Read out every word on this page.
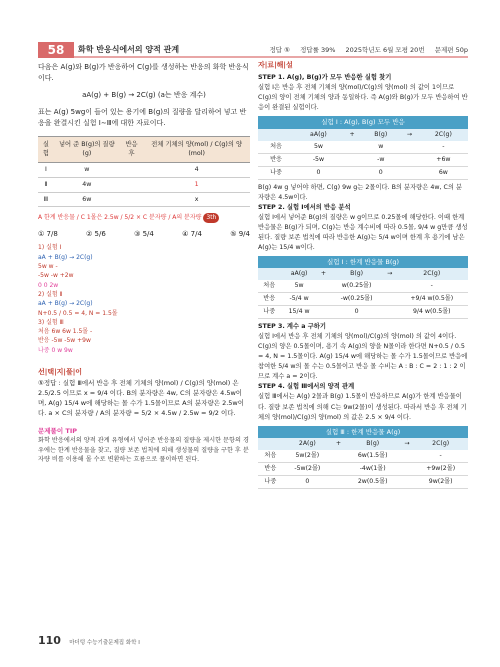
58	화학 반응식에서의 양적 관계	정답 ⑤ 정답률 39% 2025학년도 6월 모평 20번 문제편 50p

다음은 A(g)와 B(g)가 반응하여 C(g)를 생성하는 반응의 화학 반응식이다.

aA(g) + B(g) → 2C(g) (a는 반응 계수)

표는 A(g) 5wg이 들어 있는 용기에 B(g)의 질량을 달리하여 넣고 반응을 완결시킨 실험 Ⅰ∼Ⅲ에 대한 자료이다.

실험	넣어 준 B(g)의 질량(g)	반응 후	전체 기체의 양(mol) / C(g)의 양(mol)
Ⅰ	w		4
Ⅱ	4w		1
Ⅲ	6w		x
A 한계 반응물 / C 1몰은 2.5w / 5/2 × C 분자량 / A의 분자량 3th
① 7/8	② 5/6	③ 5/4	④ 7/4	⑤ 9/4
1) 실험 Ⅰ
aA + B(g) → 2C(g)
5w w -
-5w -w +2w
0 0 2w
2) 실험 Ⅱ
aA + B(g) → 2C(g)
N+0.5 / 0.5 = 4, N = 1.5몰
3) 실험 Ⅲ
처음 6w 6w 1.5몰 -
반응 -5w -5w +9w
나중 0 w 9w
선|택|지|풀|이

⑤정답 : 실험 Ⅲ에서 반응 후 전체 기체의 양(mol) / C(g)의 양(mol) 은 2.5/2.5 이므로 x = 9/4 이다. B의 분자량은 4w, C의 분자량은 4.5w이며, A(g) 15/4 w에 해당하는 몰 수가 1.5몰이므로 A의 분자량은 2.5w이다. a × C의 분자량 / A의 분자량 = 5/2 × 4.5w / 2.5w = 9/2 이다.

문제풀이 TIP

화학 반응에서의 양적 관계 유형에서 넣어준 반응물의 질량을 제시한 문항의 경우에는 한계 반응물을 찾고, 질량 보존 법칙에 의해 생성물의 질량을 구한 후 분자량 비를 이용해 몰 수로 변환하는 흐름으로 풀이하면 된다.

자|료|해|설
STEP 1. A(g), B(g)가 모두 반응한 실험 찾기

실험 Ⅰ은 반응 후 전체 기체의 양(mol)/C(g)의 양(mol) 의 값이 1이므로 C(g)의 양이 전체 기체의 양과 동일하다. 즉 A(g)와 B(g)가 모두 반응하여 반응이 완결된 실험이다.

실험 Ⅰ : A(g), B(g) 모두 반응
	aA(g)	+	B(g)	→	2C(g)
처음	5w		w		-
반응	-5w		-w		+6w
나중	0		0		6w

B(g) 4w g 넣어야 하면, C(g) 9w g는 2몰이다. B의 분자량은 4w, C의 분자량은 4.5w이다.

STEP 2. 실험 Ⅰ에서의 반응 분석

실험 Ⅰ에서 넣어준 B(g)의 질량은 w g이므로 0.25몰에 해당한다. 이때 한계 반응물은 B(g)가 되며, C(g)는 반응 계수비에 따라 0.5몰, 9/4 w g만큼 생성된다. 질량 보존 법칙에 따라 반응한 A(g)는 5/4 w이며 한계 후 용기에 남은 A(g)는 15/4 w이다.

실험 Ⅰ : 한계 반응물 B(g)
	aA(g)	+	B(g)	→	2C(g)
처음	5w		w(0.25몰)		-
반응	-5/4 w		-w(0.25몰)		+9/4 w(0.5몰)
나중	15/4 w		0		9/4 w(0.5몰)
STEP 3. 계수 a 구하기

실험 Ⅰ에서 반응 후 전체 기체의 양(mol)/C(g)의 양(mol) 의 값이 4이다. C(g)의 양은 0.5몰이며, 용기 속 A(g)의 양을 N몰이라 한다면 N+0.5 / 0.5 = 4, N = 1.5몰이다. A(g) 15/4 w에 해당하는 몰 수가 1.5몰이므로 반응에 참여한 5/4 w의 몰 수는 0.5몰이고 반응 몰 수비는 A : B : C = 2 : 1 : 2 이므로 계수 a = 2이다.

STEP 4. 실험 Ⅲ에서의 양적 관계

실험 Ⅲ에서는 A(g) 2몰과 B(g) 1.5몰이 반응하므로 A(g)가 한계 반응물이다. 질량 보존 법칙에 의해 C는 9w(2몰)이 생성된다. 따라서 반응 후 전체 기체의 양(mol)/C(g)의 양(mol) 의 값은 2.5 × 9/4 이다.

실험 Ⅲ : 한계 반응물 A(g)
	2A(g)	+	B(g)	→	2C(g)
처음	5w(2몰)		6w(1.5몰)		-
반응	-5w(2몰)		-4w(1몰)		+9w(2몰)
나중	0		2w(0.5몰)		9w(2몰)
110 마더텅 수능기출문제집 화학 Ⅰ
